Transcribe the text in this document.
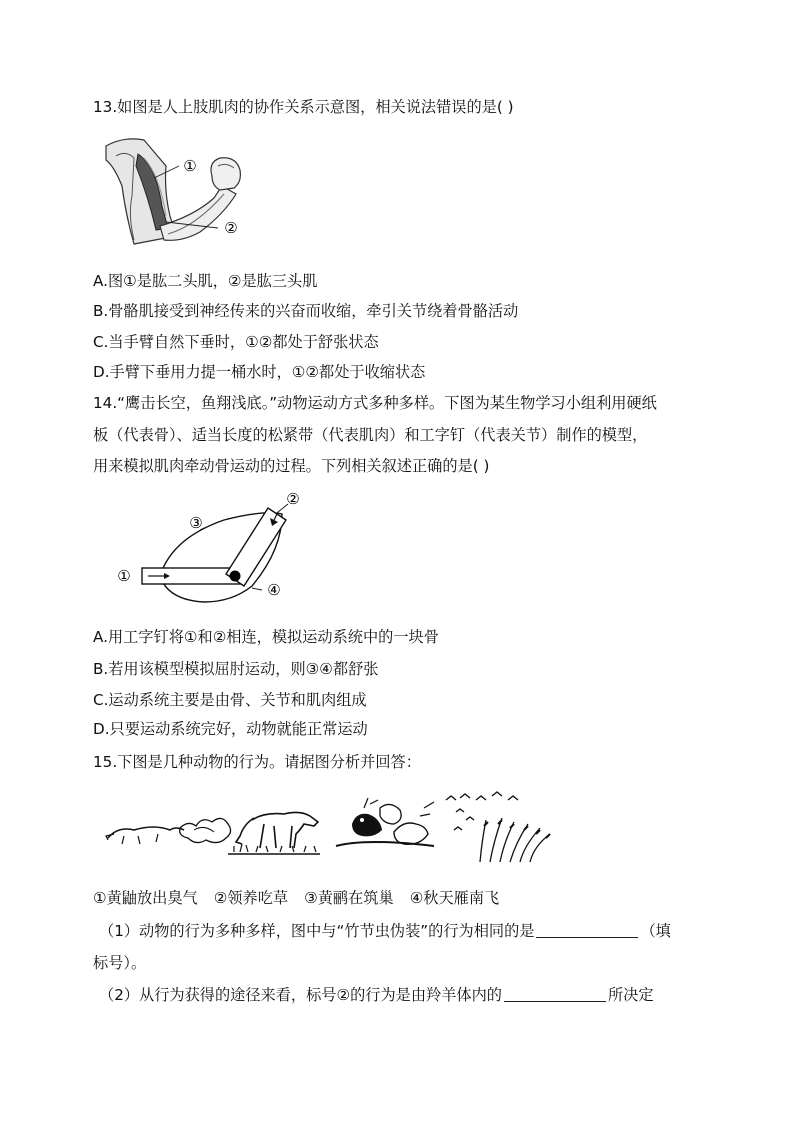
13.如图是人上肢肌肉的协作关系示意图，相关说法错误的是( )
①
②
A.图①是肱二头肌，②是肱三头肌
B.骨骼肌接受到神经传来的兴奋而收缩，牵引关节绕着骨骼活动
C.当手臂自然下垂时，①②都处于舒张状态
D.手臂下垂用力提一桶水时，①②都处于收缩状态
14.“鹰击长空，鱼翔浅底。”动物运动方式多种多样。下图为某生物学习小组利用硬纸
板（代表骨）、适当长度的松紧带（代表肌肉）和工字钉（代表关节）制作的模型，
用来模拟肌肉牵动骨运动的过程。下列相关叙述正确的是( )
①
②
③
④
A.用工字钉将①和②相连，模拟运动系统中的一块骨
B.若用该模型模拟屈肘运动，则③④都舒张
C.运动系统主要是由骨、关节和肌肉组成
D.只要运动系统完好，动物就能正常运动
15.下图是几种动物的行为。请据图分析并回答：
①黄鼬放出臭气 ②领养吃草 ③黄鹂在筑巢 ④秋天雁南飞
（1）动物的行为多种多样，图中与“竹节虫伪装”的行为相同的是	（填
标号）。
（2）从行为获得的途径来看，标号②的行为是由羚羊体内的	所决定
